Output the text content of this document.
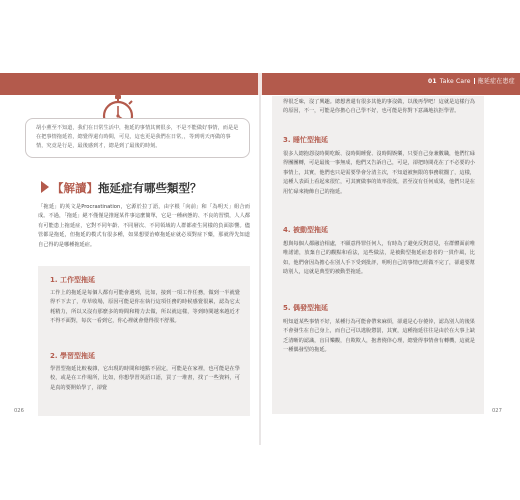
01 Take Care 拖延症在患症
胡小薰至不知道，我们在日常生活中，拖延的事情其實很多，不是不能做好事情，而是是在把事情拖延着，總覺得還有時間，可見，這也更是我們在日常，，等到明天再做的事情，究竟是行是，最後感到才，總是到了最後的時刻。
【解讀】拖延症有哪些類型？
「拖延」的英文是Procrastination，它源於拉丁語，由字根「向前」和「為明天」組合而成。不過，「拖延」絕不僅僅是推遲某件事這麼簡單，它是一種病態的、不良的習慣，人人都有可能患上拖延症，它對不同年齡、不同層次、不同領域的人群都產生同樣的負面影響。儘管都是拖延，但拖延的模式有很多種，如果想要治療拖延症就必須對症下藥，那就得先知道自己得的是哪種拖延症。
1. 工作型拖延
工作上的拖延是每個人都有可能會遇到，比如，接到一項工作任務，做到一半就覺得不下去了，草草收場，原因可能是你在執行這項任務的時候感覺很累，認為它太耗精力，所以又沒有那麼多的時間和精力去做，所以就這樣，等到時間越來越近才不得不面對，每次一看到它，你心裡就會覺得很不舒服。
2. 學習型拖延
學習型拖延比較複雜，它出現的時間和地點不固定，可能是在家裡，也可能是在學校，或是在工作場所，比如，你想學習英語口語，買了一堆書，找了一些資料，可是真的要開始學了，卻覺
026
得很乏味，沒了興趣。總想著還有很多其他的事沒做，以後再學吧！這就是這樣行為的原因，不一，可能是你擔心自己學不好，也可能是你對下意識地抗拒學習。
3. 睡忙型拖延
很多人總抱怨沒時間吃飯、沒時間睡覺、沒時間娛樂，只要自己身兼數職，他們忙碌得團團轉，可是最後一事無成，他們又告訴自己，可是，卻把時間花在了不必要的小事情上，其實，他們也只是需要學會分清主次，不知道被無限的事務耽擱了，這樣，這種人表面上看起來很忙，可其實做事的效率很低，甚至沒有任何成果，他們只是在用忙碌來掩飾自己的拖延。
4. 被動型拖延
想與每個人都融洽相處，不願意得罪任何人，有時為了避免反對意見，在群體面前唯唯諾諾，放棄自己的觀點和看法，這些做法，是被動型拖延症患者的一貫作風，比如，他們會因為擔心在別人手下受到批評，明明自己的事情已經做不完了，卻還要幫助別人，這就是典型的被動型拖延。
5. 偶發型拖延
明知道某些事情不好，某種行為可能會帶來麻煩，卻還是心存僥倖，認為別人的後果不會發生在自己身上，而自己可以逃脫懲罰，其實，這種拖延往往是由於在大事上缺乏清晰的認識，盲目樂觀，自欺欺人，抱著僥倖心理，總覺得事情會有轉機，這就是一種偶發型的拖延。
027
